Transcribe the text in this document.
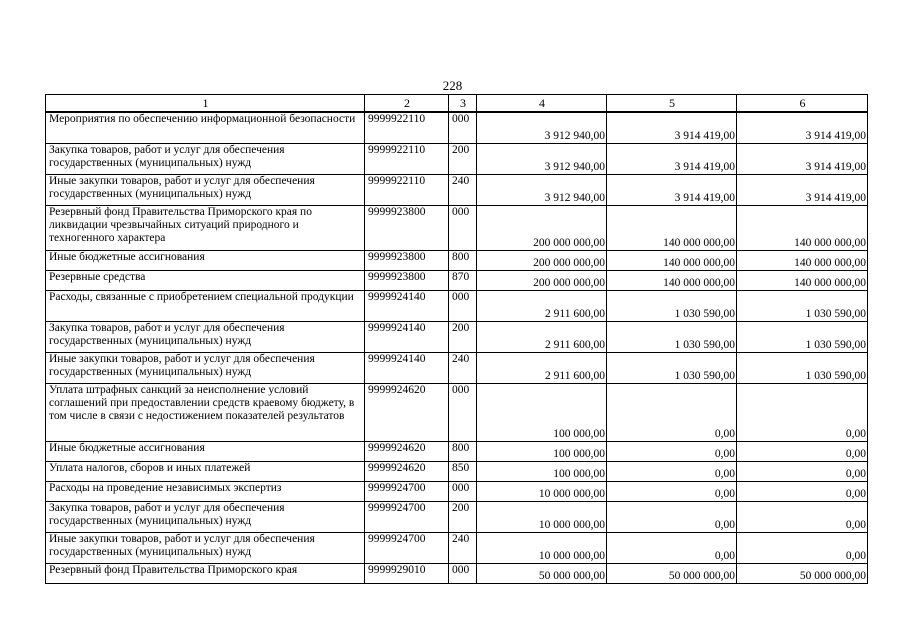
228
1	2	3	4	5	6
Мероприятия по обеспечению информационной безопасности	9999922110	000	3 912 940,00	3 914 419,00	3 914 419,00
Закупка товаров, работ и услуг для обеспечения государственных (муниципальных) нужд	9999922110	200	3 912 940,00	3 914 419,00	3 914 419,00
Иные закупки товаров, работ и услуг для обеспечения государственных (муниципальных) нужд	9999922110	240	3 912 940,00	3 914 419,00	3 914 419,00
Резервный фонд Правительства Приморского края по ликвидации чрезвычайных ситуаций природного и техногенного характера	9999923800	000	200 000 000,00	140 000 000,00	140 000 000,00
Иные бюджетные ассигнования	9999923800	800	200 000 000,00	140 000 000,00	140 000 000,00
Резервные средства	9999923800	870	200 000 000,00	140 000 000,00	140 000 000,00
Расходы, связанные с приобретением специальной продукции	9999924140	000	2 911 600,00	1 030 590,00	1 030 590,00
Закупка товаров, работ и услуг для обеспечения государственных (муниципальных) нужд	9999924140	200	2 911 600,00	1 030 590,00	1 030 590,00
Иные закупки товаров, работ и услуг для обеспечения государственных (муниципальных) нужд	9999924140	240	2 911 600,00	1 030 590,00	1 030 590,00
Уплата штрафных санкций за неисполнение условий соглашений при предоставлении средств краевому бюджету, в том числе в связи с недостижением показателей результатов	9999924620	000	100 000,00	0,00	0,00
Иные бюджетные ассигнования	9999924620	800	100 000,00	0,00	0,00
Уплата налогов, сборов и иных платежей	9999924620	850	100 000,00	0,00	0,00
Расходы на проведение независимых экспертиз	9999924700	000	10 000 000,00	0,00	0,00
Закупка товаров, работ и услуг для обеспечения государственных (муниципальных) нужд	9999924700	200	10 000 000,00	0,00	0,00
Иные закупки товаров, работ и услуг для обеспечения государственных (муниципальных) нужд	9999924700	240	10 000 000,00	0,00	0,00
Резервный фонд Правительства Приморского края	9999929010	000	50 000 000,00	50 000 000,00	50 000 000,00
